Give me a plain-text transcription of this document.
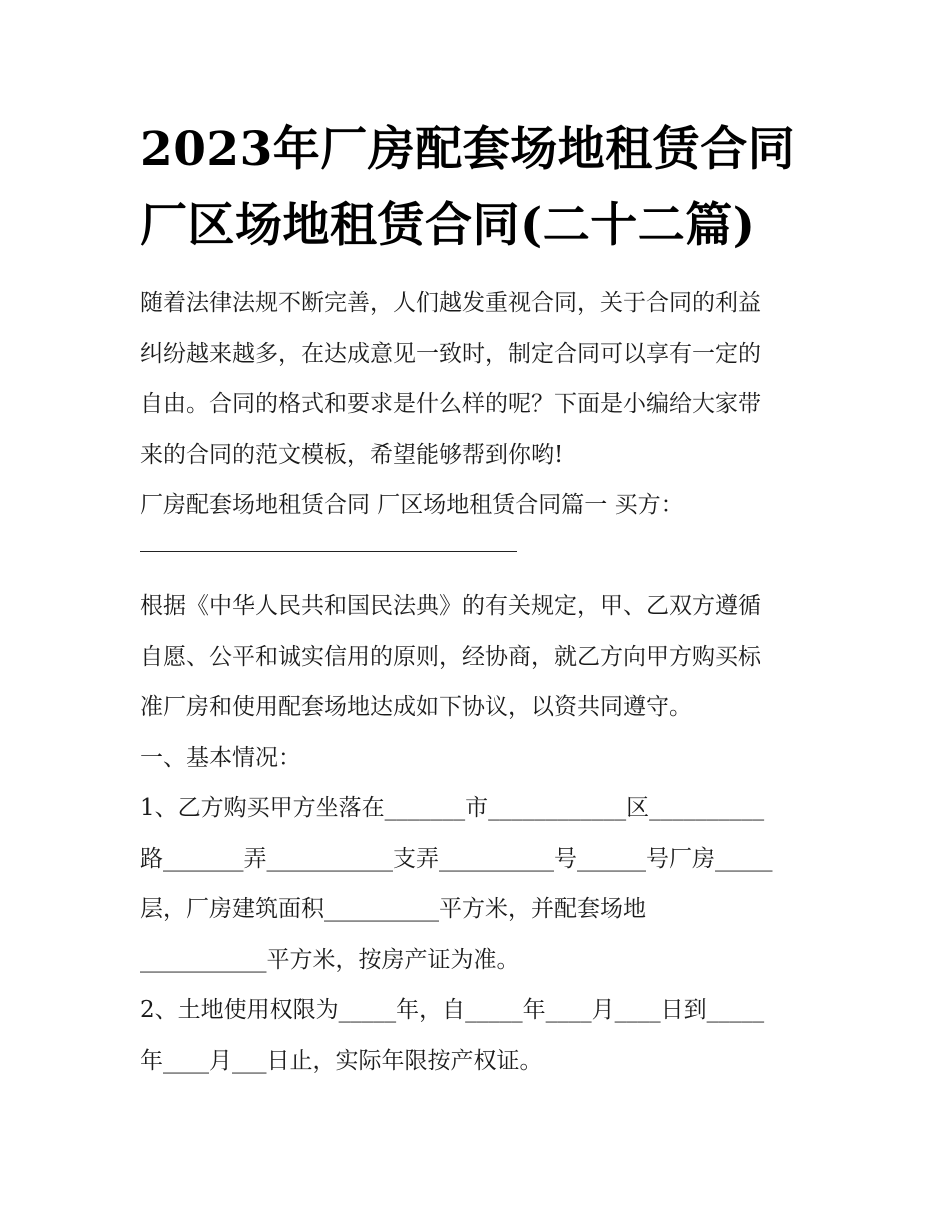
2023年厂房配套场地租赁合同
厂区场地租赁合同(二十二篇)

随着法律法规不断完善，人们越发重视合同，关于合同的利益

纠纷越来越多，在达成意见一致时，制定合同可以享有一定的

自由。合同的格式和要求是什么样的呢？下面是小编给大家带

来的合同的范文模板，希望能够帮到你哟!

厂房配套场地租赁合同 厂区场地租赁合同篇一 买方：

根据《中华人民共和国民法典》的有关规定，甲、乙双方遵循

自愿、公平和诚实信用的原则，经协商，就乙方向甲方购买标

准厂房和使用配套场地达成如下协议，以资共同遵守。

一、基本情况：

1、乙方购买甲方坐落在_______市____________区__________

路_______弄___________支弄__________号______号厂房_____

层，厂房建筑面积__________平方米，并配套场地

___________平方米，按房产证为准。

2、土地使用权限为_____年，自_____年____月____日到_____

年____月___日止，实际年限按产权证。
